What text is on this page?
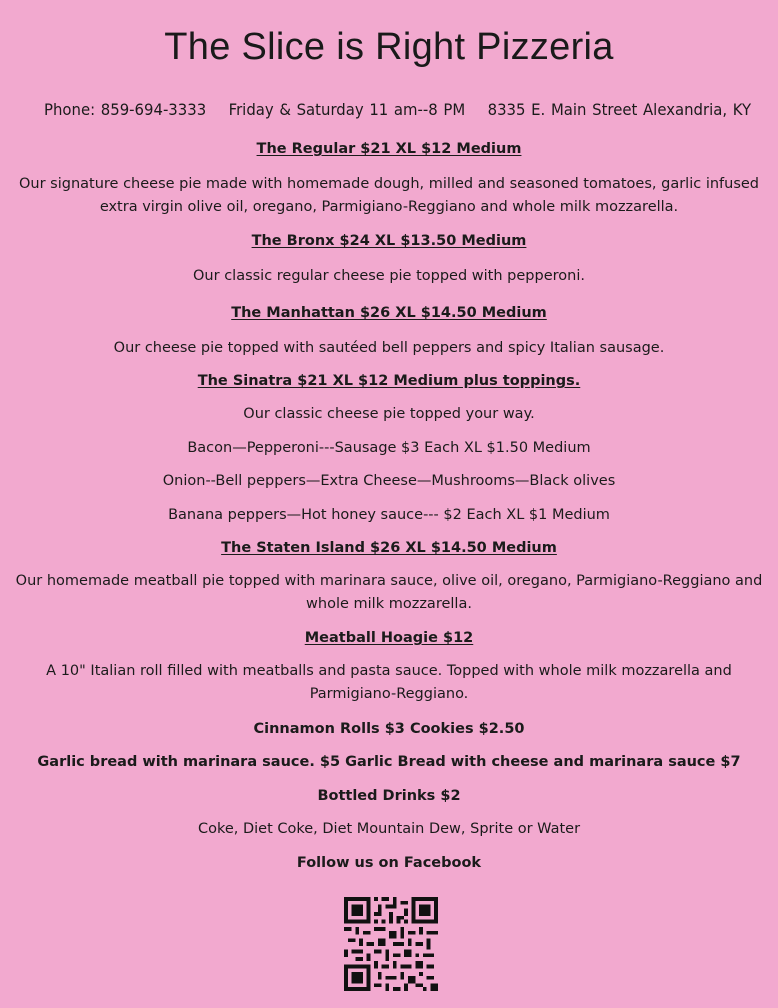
The Slice is Right Pizzeria
Phone: 859-694-3333 Friday & Saturday 11 am--8 PM 8335 E. Main Street Alexandria, KY
The Regular $21 XL $12 Medium
Our signature cheese pie made with homemade dough, milled and seasoned tomatoes, garlic infused extra virgin olive oil, oregano, Parmigiano-Reggiano and whole milk mozzarella.
The Bronx $24 XL $13.50 Medium
Our classic regular cheese pie topped with pepperoni.
The Manhattan $26 XL $14.50 Medium
Our cheese pie topped with sautéed bell peppers and spicy Italian sausage.
The Sinatra $21 XL $12 Medium plus toppings.
Our classic cheese pie topped your way.
Bacon—Pepperoni---Sausage $3 Each XL $1.50 Medium
Onion--Bell peppers—Extra Cheese—Mushrooms—Black olives
Banana peppers—Hot honey sauce--- $2 Each XL $1 Medium
The Staten Island $26 XL $14.50 Medium
Our homemade meatball pie topped with marinara sauce, olive oil, oregano, Parmigiano-Reggiano and whole milk mozzarella.
Meatball Hoagie $12
A 10" Italian roll filled with meatballs and pasta sauce. Topped with whole milk mozzarella and Parmigiano-Reggiano.
Cinnamon Rolls $3 Cookies $2.50
Garlic bread with marinara sauce. $5 Garlic Bread with cheese and marinara sauce $7
Bottled Drinks $2
Coke, Diet Coke, Diet Mountain Dew, Sprite or Water
Follow us on Facebook
